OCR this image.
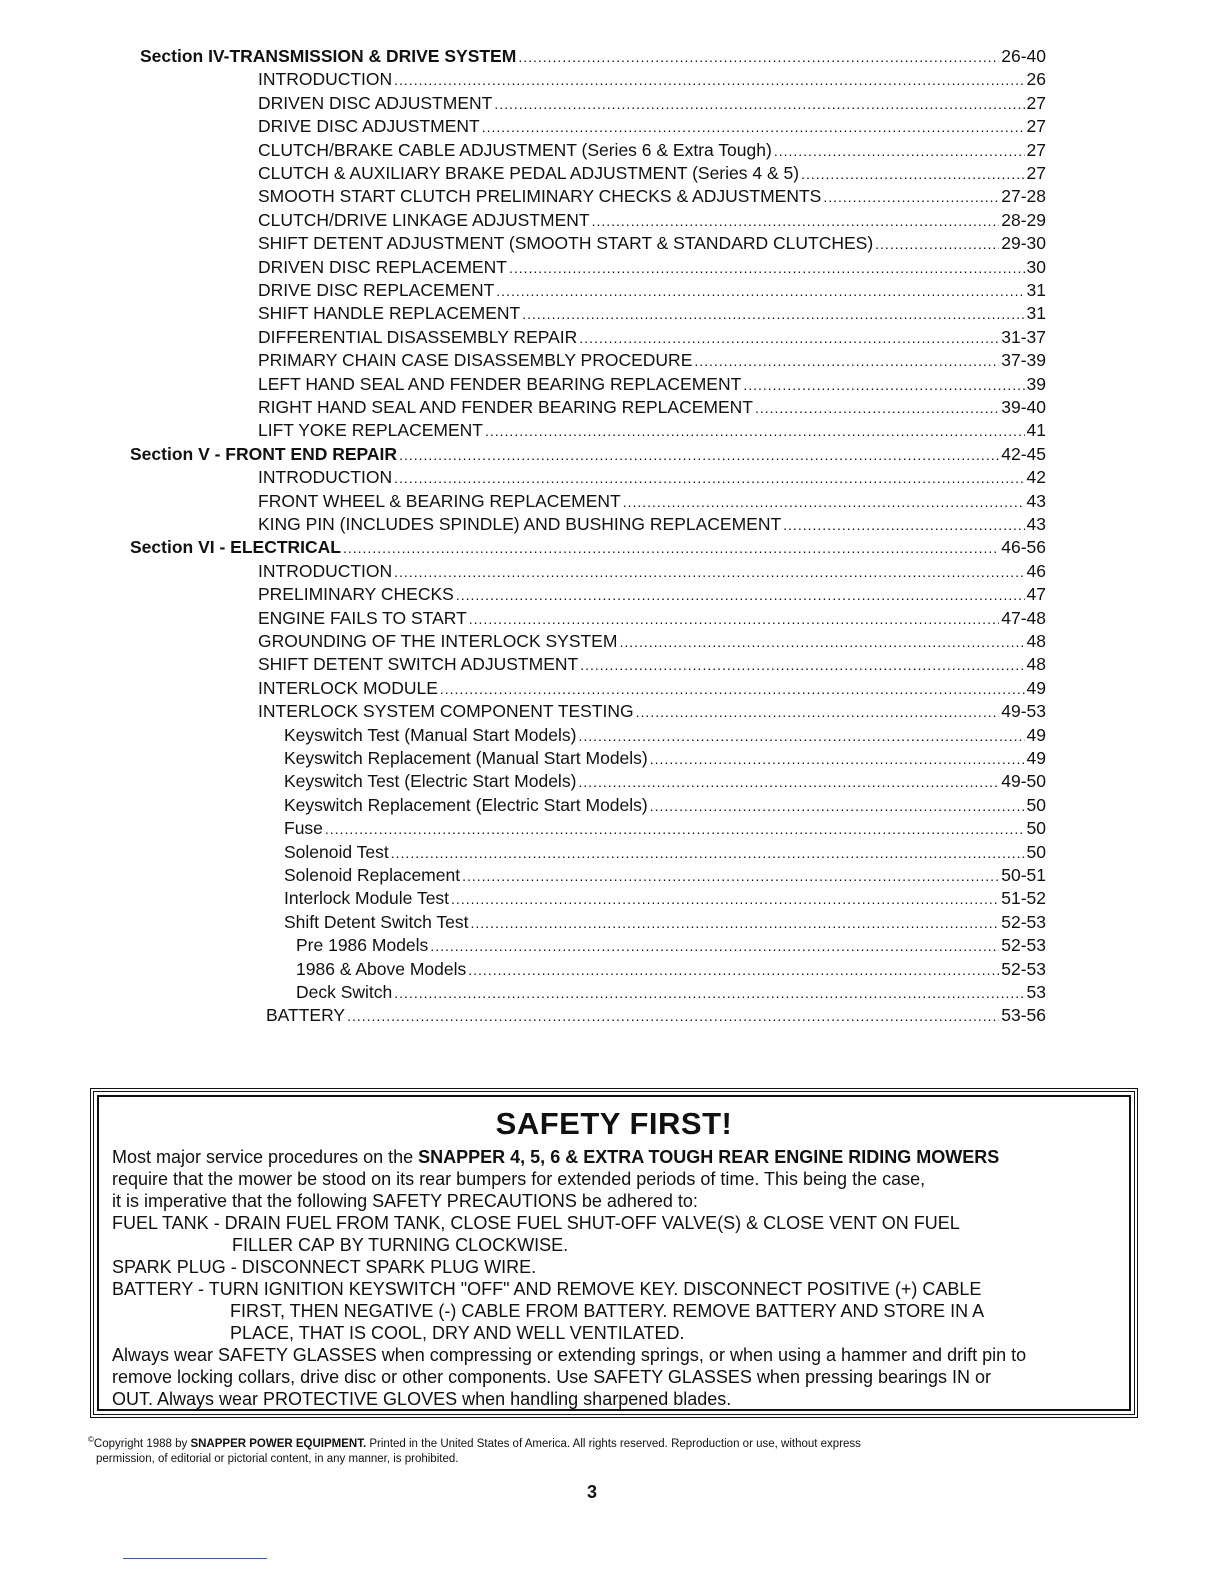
Section IV-TRANSMISSION & DRIVE SYSTEM .....	26-40
INTRODUCTION .....	26
DRIVEN DISC ADJUSTMENT .....	27
DRIVE DISC ADJUSTMENT .....	27
CLUTCH/BRAKE CABLE ADJUSTMENT (Series 6 & Extra Tough) .....	27
CLUTCH & AUXILIARY BRAKE PEDAL ADJUSTMENT (Series 4 & 5) .....	27
SMOOTH START CLUTCH PRELIMINARY CHECKS & ADJUSTMENTS .....	27-28
CLUTCH/DRIVE LINKAGE ADJUSTMENT .....	28-29
SHIFT DETENT ADJUSTMENT (SMOOTH START & STANDARD CLUTCHES) .....	29-30
DRIVEN DISC REPLACEMENT .....	30
DRIVE DISC REPLACEMENT .....	31
SHIFT HANDLE REPLACEMENT .....	31
DIFFERENTIAL DISASSEMBLY REPAIR .....	31-37
PRIMARY CHAIN CASE DISASSEMBLY PROCEDURE .....	37-39
LEFT HAND SEAL AND FENDER BEARING REPLACEMENT .....	39
RIGHT HAND SEAL AND FENDER BEARING REPLACEMENT .....	39-40
LIFT YOKE REPLACEMENT .....	41
Section V - FRONT END REPAIR .....	42-45
INTRODUCTION .....	42
FRONT WHEEL & BEARING REPLACEMENT .....	43
KING PIN (INCLUDES SPINDLE) AND BUSHING REPLACEMENT .....	43
Section VI - ELECTRICAL .....	46-56
INTRODUCTION .....	46
PRELIMINARY CHECKS .....	47
ENGINE FAILS TO START .....	47-48
GROUNDING OF THE INTERLOCK SYSTEM .....	48
SHIFT DETENT SWITCH ADJUSTMENT .....	48
INTERLOCK MODULE .....	49
INTERLOCK SYSTEM COMPONENT TESTING .....	49-53
Keyswitch Test (Manual Start Models) .....	49
Keyswitch Replacement (Manual Start Models) .....	49
Keyswitch Test (Electric Start Models) .....	49-50
Keyswitch Replacement (Electric Start Models) .....	50
Fuse .....	50
Solenoid Test .....	50
Solenoid Replacement .....	50-51
Interlock Module Test .....	51-52
Shift Detent Switch Test .....	52-53
Pre 1986 Models .....	52-53
1986 & Above Models .....	52-53
Deck Switch .....	53
BATTERY .....	53-56
SAFETY FIRST!
Most major service procedures on the SNAPPER 4, 5, 6 & EXTRA TOUGH REAR ENGINE RIDING MOWERS
require that the mower be stood on its rear bumpers for extended periods of time. This being the case,
it is imperative that the following SAFETY PRECAUTIONS be adhered to:
FUEL TANK - DRAIN FUEL FROM TANK, CLOSE FUEL SHUT-OFF VALVE(S) & CLOSE VENT ON FUEL
FILLER CAP BY TURNING CLOCKWISE.
SPARK PLUG - DISCONNECT SPARK PLUG WIRE.
BATTERY - TURN IGNITION KEYSWITCH "OFF" AND REMOVE KEY. DISCONNECT POSITIVE (+) CABLE
FIRST, THEN NEGATIVE (-) CABLE FROM BATTERY. REMOVE BATTERY AND STORE IN A
PLACE, THAT IS COOL, DRY AND WELL VENTILATED.
Always wear SAFETY GLASSES when compressing or extending springs, or when using a hammer and drift pin to
remove locking collars, drive disc or other components. Use SAFETY GLASSES when pressing bearings IN or
OUT. Always wear PROTECTIVE GLOVES when handling sharpened blades.
©Copyright 1988 by SNAPPER POWER EQUIPMENT. Printed in the United States of America. All rights reserved. Reproduction or use, without express
permission, of editorial or pictorial content, in any manner, is prohibited.
3
